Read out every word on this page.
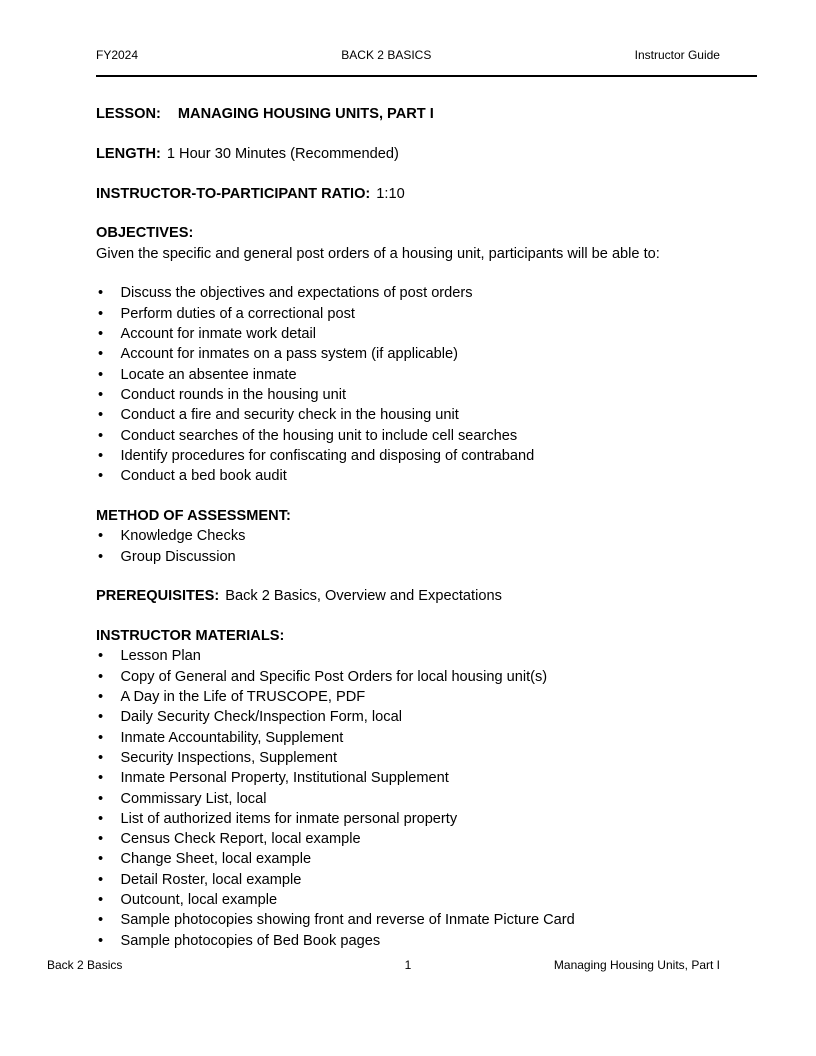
FY2024	BACK 2 BASICS	Instructor Guide

LESSON: MANAGING HOUSING UNITS, PART I

LENGTH: 1 Hour 30 Minutes (Recommended)

INSTRUCTOR-TO-PARTICIPANT RATIO: 1:10

OBJECTIVES:

Given the specific and general post orders of a housing unit, participants will be able to:

• Discuss the objectives and expectations of post orders
• Perform duties of a correctional post
• Account for inmate work detail
• Account for inmates on a pass system (if applicable)
• Locate an absentee inmate
• Conduct rounds in the housing unit
• Conduct a fire and security check in the housing unit
• Conduct searches of the housing unit to include cell searches
• Identify procedures for confiscating and disposing of contraband
• Conduct a bed book audit

METHOD OF ASSESSMENT:

• Knowledge Checks
• Group Discussion

PREREQUISITES: Back 2 Basics, Overview and Expectations

INSTRUCTOR MATERIALS:

• Lesson Plan
• Copy of General and Specific Post Orders for local housing unit(s)
• A Day in the Life of TRUSCOPE, PDF
• Daily Security Check/Inspection Form, local
• Inmate Accountability, Supplement
• Security Inspections, Supplement
• Inmate Personal Property, Institutional Supplement
• Commissary List, local
• List of authorized items for inmate personal property
• Census Check Report, local example
• Change Sheet, local example
• Detail Roster, local example
• Outcount, local example
• Sample photocopies showing front and reverse of Inmate Picture Card
• Sample photocopies of Bed Book pages
Back 2 Basics	1	Managing Housing Units, Part I
